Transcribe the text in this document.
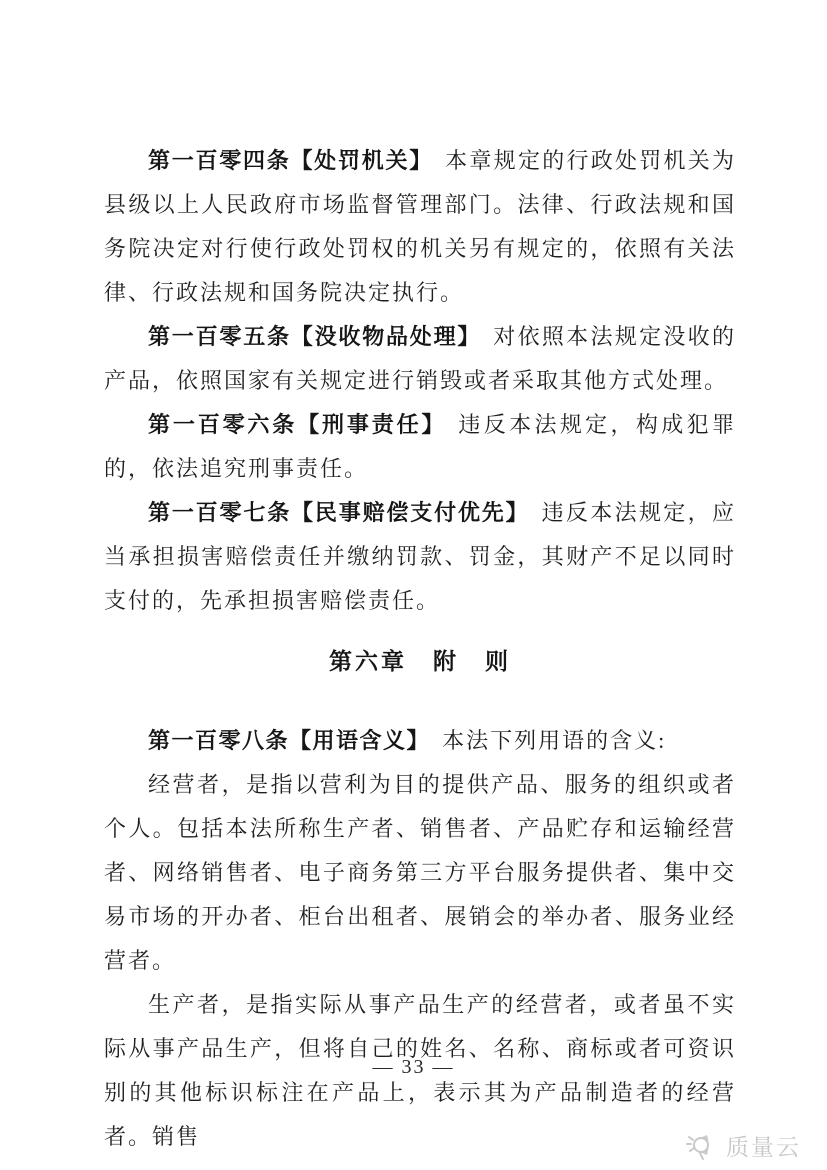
第一百零四条【处罚机关】 本章规定的行政处罚机关为县级以上人民政府市场监督管理部门。法律、行政法规和国务院决定对行使行政处罚权的机关另有规定的，依照有关法律、行政法规和国务院决定执行。

第一百零五条【没收物品处理】 对依照本法规定没收的产品，依照国家有关规定进行销毁或者采取其他方式处理。

第一百零六条【刑事责任】 违反本法规定，构成犯罪的，依法追究刑事责任。

第一百零七条【民事赔偿支付优先】 违反本法规定，应当承担损害赔偿责任并缴纳罚款、罚金，其财产不足以同时支付的，先承担损害赔偿责任。

第六章　附　则

第一百零八条【用语含义】 本法下列用语的含义:

经营者，是指以营利为目的提供产品、服务的组织或者个人。包括本法所称生产者、销售者、产品贮存和运输经营者、网络销售者、电子商务第三方平台服务提供者、集中交易市场的开办者、柜台出租者、展销会的举办者、服务业经营者。

生产者，是指实际从事产品生产的经营者，或者虽不实际从事产品生产，但将自己的姓名、名称、商标或者可资识别的其他标识标注在产品上，表示其为产品制造者的经营者。销售

— 33 —
质量云
